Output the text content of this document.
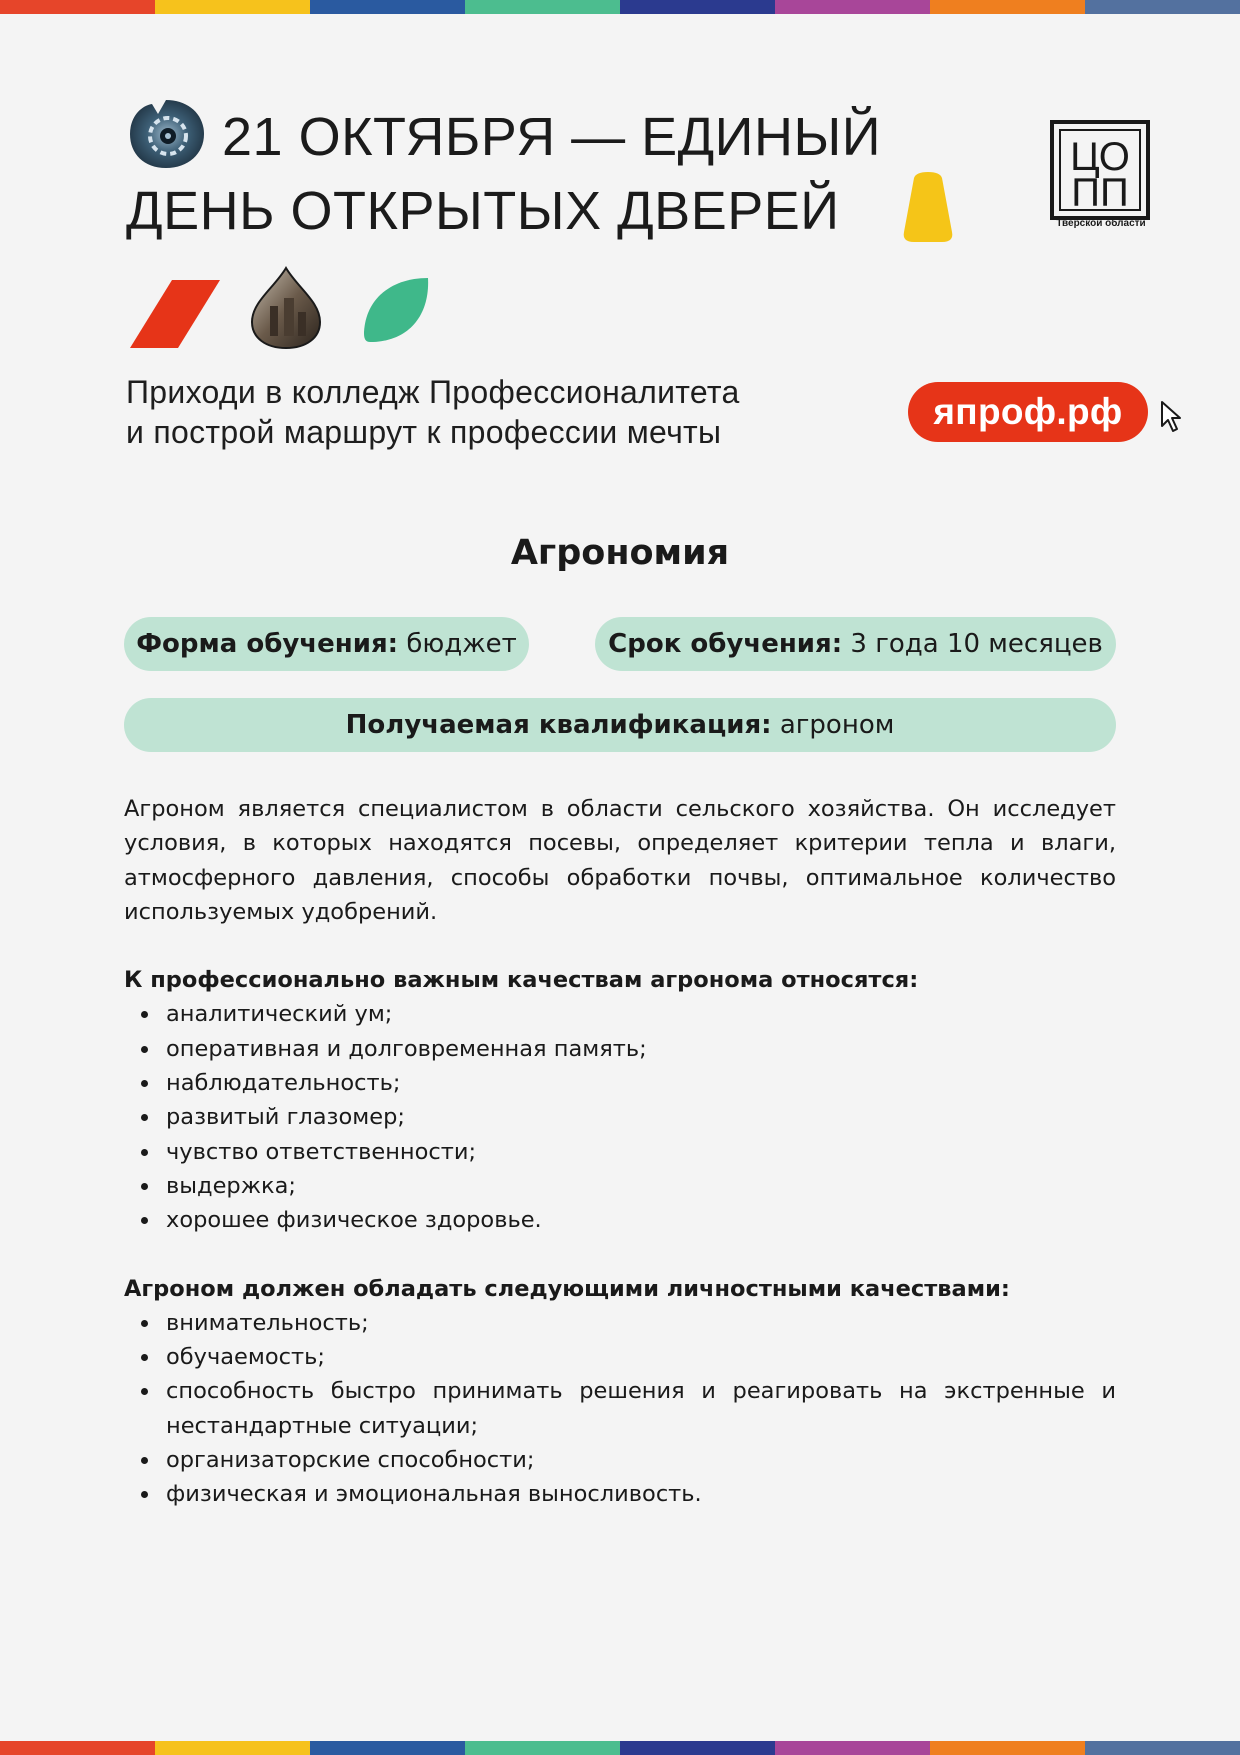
21 ОКТЯБРЯ — ЕДИНЫЙ
ДЕНЬ ОТКРЫТЫХ ДВЕРЕЙ
ЦО
ПП
Тверской области
Приходи в колледж Профессионалитета
и построй маршрут к профессии мечты	япроф.рф
Агрономия
Форма обучения: бюджет	Срок обучения: 3 года 10 месяцев
Получаемая квалификация: агроном

Агроном является специалистом в области сельского хозяйства. Он исследует условия, в которых находятся посевы, определяет критерии тепла и влаги, атмосферного давления, способы обработки почвы, оптимальное количество используемых удобрений.

К профессионально важным качествам агронома относятся:
аналитический ум;
оперативная и долговременная память;
наблюдательность;
развитый глазомер;
чувство ответственности;
выдержка;
хорошее физическое здоровье.
Агроном должен обладать следующими личностными качествами:
внимательность;
обучаемость;
способность быстро принимать решения и реагировать на экстренные и нестандартные ситуации;
организаторские способности;
физическая и эмоциональная выносливость.
